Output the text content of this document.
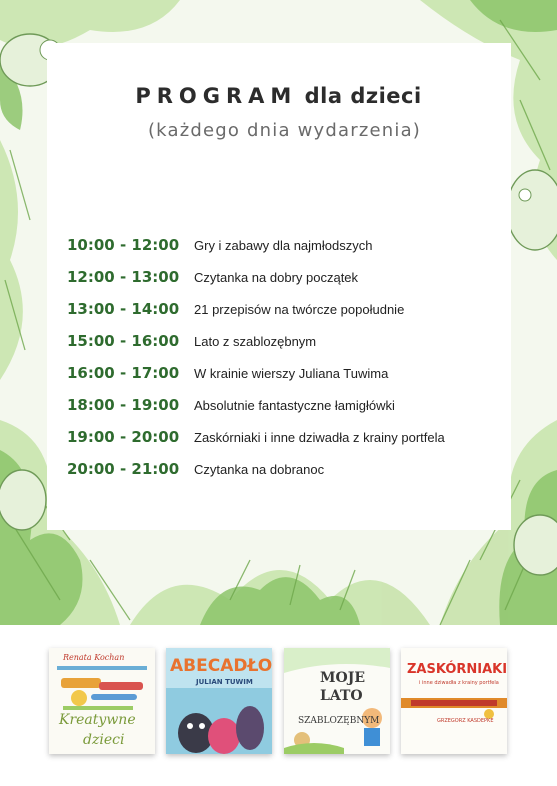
PROGRAM dla dzieci
(każdego dnia wydarzenia)
10:00 - 12:00 Gry i zabawy dla najmłodszych
12:00 - 13:00 Czytanka na dobry początek
13:00 - 14:00 21 przepisów na twórcze popołudnie
15:00 - 16:00 Lato z szablozębnym
16:00 - 17:00 W krainie wierszy Juliana Tuwima
18:00 - 19:00 Absolutnie fantastyczne łamigłówki
19:00 - 20:00 Zaskórniaki i inne dziwadła z krainy portfela
20:00 - 21:00 Czytanka na dobranoc
Renata Kochan
Kreatywne
dzieci
ABECADŁO
JULIAN TUWIM	MOJE
LATO
SZABLOZĘBNYM
ZASKÓRNIAKI
i inne dziwadła z krainy portfela
GRZEGORZ KASDEPKE
